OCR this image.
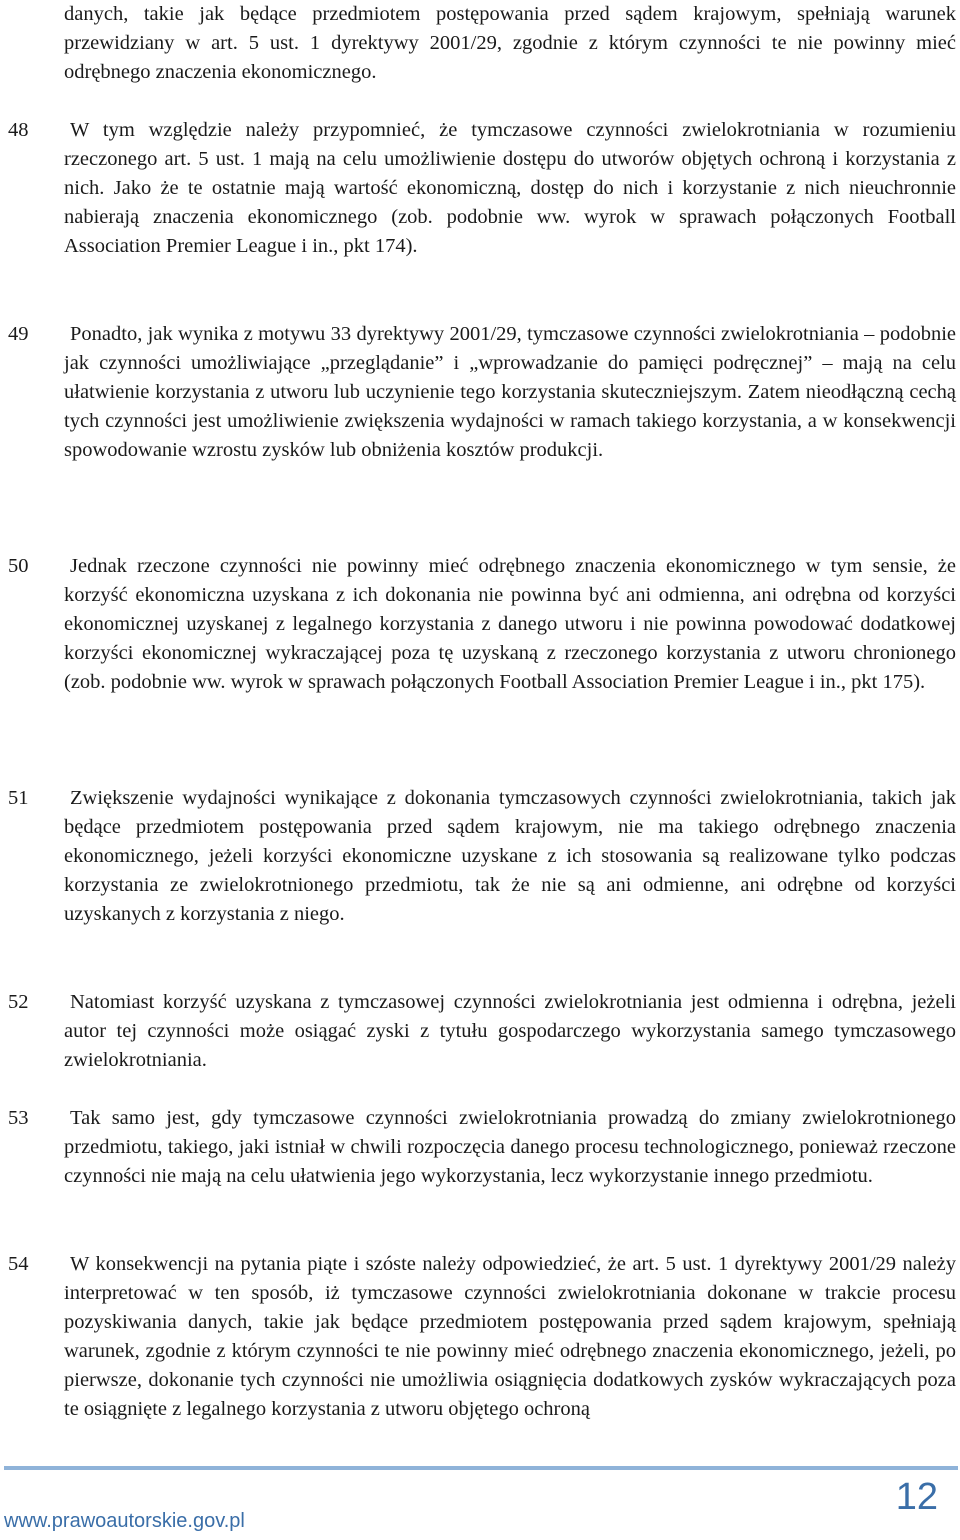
danych, takie jak będące przedmiotem postępowania przed sądem krajowym, spełniają warunek przewidziany w art. 5 ust. 1 dyrektywy 2001/29, zgodnie z którym czynności te nie powinny mieć odrębnego znaczenia ekonomicznego.
48 W tym względzie należy przypomnieć, że tymczasowe czynności zwielokrotniania w rozumieniu rzeczonego art. 5 ust. 1 mają na celu umożliwienie dostępu do utworów objętych ochroną i korzystania z nich. Jako że te ostatnie mają wartość ekonomiczną, dostęp do nich i korzystanie z nich nieuchronnie nabierają znaczenia ekonomicznego (zob. podobnie ww. wyrok w sprawach połączonych Football Association Premier League i in., pkt 174).
49 Ponadto, jak wynika z motywu 33 dyrektywy 2001/29, tymczasowe czynności zwielokrotniania – podobnie jak czynności umożliwiające „przeglądanie” i „wprowadzanie do pamięci podręcznej” – mają na celu ułatwienie korzystania z utworu lub uczynienie tego korzystania skuteczniejszym. Zatem nieodłączną cechą tych czynności jest umożliwienie zwiększenia wydajności w ramach takiego korzystania, a w konsekwencji spowodowanie wzrostu zysków lub obniżenia kosztów produkcji.
50 Jednak rzeczone czynności nie powinny mieć odrębnego znaczenia ekonomicznego w tym sensie, że korzyść ekonomiczna uzyskana z ich dokonania nie powinna być ani odmienna, ani odrębna od korzyści ekonomicznej uzyskanej z legalnego korzystania z danego utworu i nie powinna powodować dodatkowej korzyści ekonomicznej wykraczającej poza tę uzyskaną z rzeczonego korzystania z utworu chronionego (zob. podobnie ww. wyrok w sprawach połączonych Football Association Premier League i in., pkt 175).
51 Zwiększenie wydajności wynikające z dokonania tymczasowych czynności zwielokrotniania, takich jak będące przedmiotem postępowania przed sądem krajowym, nie ma takiego odrębnego znaczenia ekonomicznego, jeżeli korzyści ekonomiczne uzyskane z ich stosowania są realizowane tylko podczas korzystania ze zwielokrotnionego przedmiotu, tak że nie są ani odmienne, ani odrębne od korzyści uzyskanych z korzystania z niego.
52 Natomiast korzyść uzyskana z tymczasowej czynności zwielokrotniania jest odmienna i odrębna, jeżeli autor tej czynności może osiągać zyski z tytułu gospodarczego wykorzystania samego tymczasowego zwielokrotniania.
53 Tak samo jest, gdy tymczasowe czynności zwielokrotniania prowadzą do zmiany zwielokrotnionego przedmiotu, takiego, jaki istniał w chwili rozpoczęcia danego procesu technologicznego, ponieważ rzeczone czynności nie mają na celu ułatwienia jego wykorzystania, lecz wykorzystanie innego przedmiotu.
54 W konsekwencji na pytania piąte i szóste należy odpowiedzieć, że art. 5 ust. 1 dyrektywy 2001/29 należy interpretować w ten sposób, iż tymczasowe czynności zwielokrotniania dokonane w trakcie procesu pozyskiwania danych, takie jak będące przedmiotem postępowania przed sądem krajowym, spełniają warunek, zgodnie z którym czynności te nie powinny mieć odrębnego znaczenia ekonomicznego, jeżeli, po pierwsze, dokonanie tych czynności nie umożliwia osiągnięcia dodatkowych zysków wykraczających poza te osiągnięte z legalnego korzystania z utworu objętego ochroną
www.prawoautorskie.gov.pl
12
